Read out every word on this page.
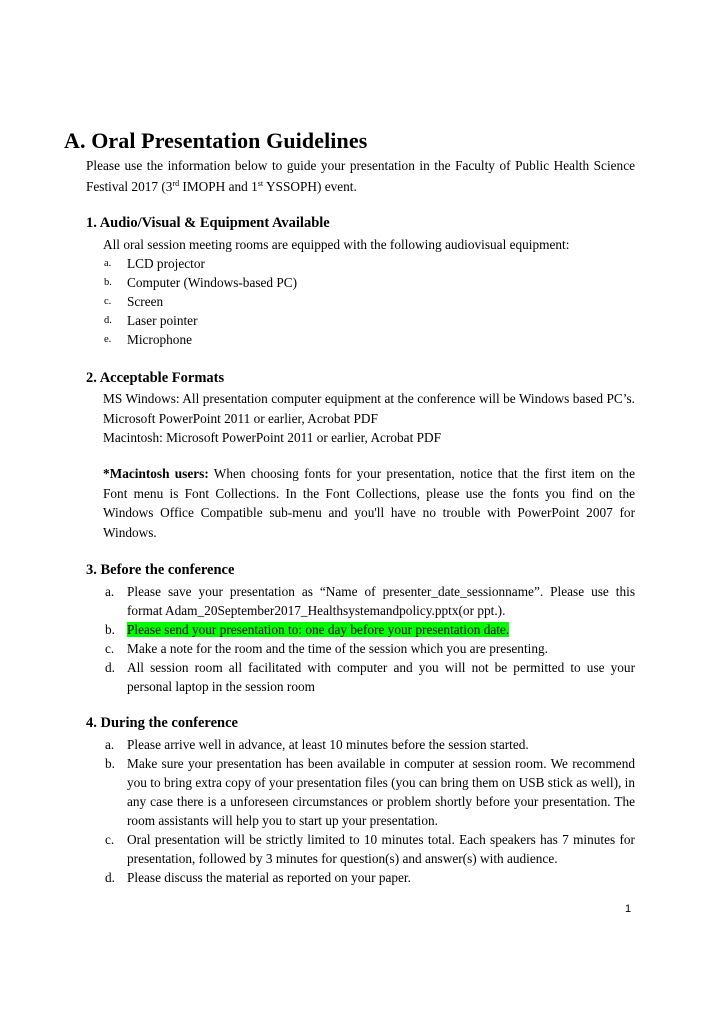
A. Oral Presentation Guidelines

Please use the information below to guide your presentation in the Faculty of Public Health Science Festival 2017 (3rd IMOPH and 1st YSSOPH) event.

1. Audio/Visual & Equipment Available

All oral session meeting rooms are equipped with the following audiovisual equipment:

a. LCD projector
b. Computer (Windows-based PC)
c. Screen
d. Laser pointer
e. Microphone
2. Acceptable Formats

MS Windows: All presentation computer equipment at the conference will be Windows based PC’s. Microsoft PowerPoint 2011 or earlier, Acrobat PDF

Macintosh: Microsoft PowerPoint 2011 or earlier, Acrobat PDF

*Macintosh users: When choosing fonts for your presentation, notice that the first item on the Font menu is Font Collections. In the Font Collections, please use the fonts you find on the Windows Office Compatible sub-menu and you'll have no trouble with PowerPoint 2007 for Windows.

3. Before the conference
a. Please save your presentation as “Name of presenter_date_sessionname”. Please use this format Adam_20September2017_Healthsystemandpolicy.pptx(or ppt.).
b. Please send your presentation to: one day before your presentation date.
c. Make a note for the room and the time of the session which you are presenting.
d. All session room all facilitated with computer and you will not be permitted to use your personal laptop in the session room
4. During the conference
a. Please arrive well in advance, at least 10 minutes before the session started.
b. Make sure your presentation has been available in computer at session room. We recommend you to bring extra copy of your presentation files (you can bring them on USB stick as well), in any case there is a unforeseen circumstances or problem shortly before your presentation. The room assistants will help you to start up your presentation.
c. Oral presentation will be strictly limited to 10 minutes total. Each speakers has 7 minutes for presentation, followed by 3 minutes for question(s) and answer(s) with audience.
d. Please discuss the material as reported on your paper.
1
